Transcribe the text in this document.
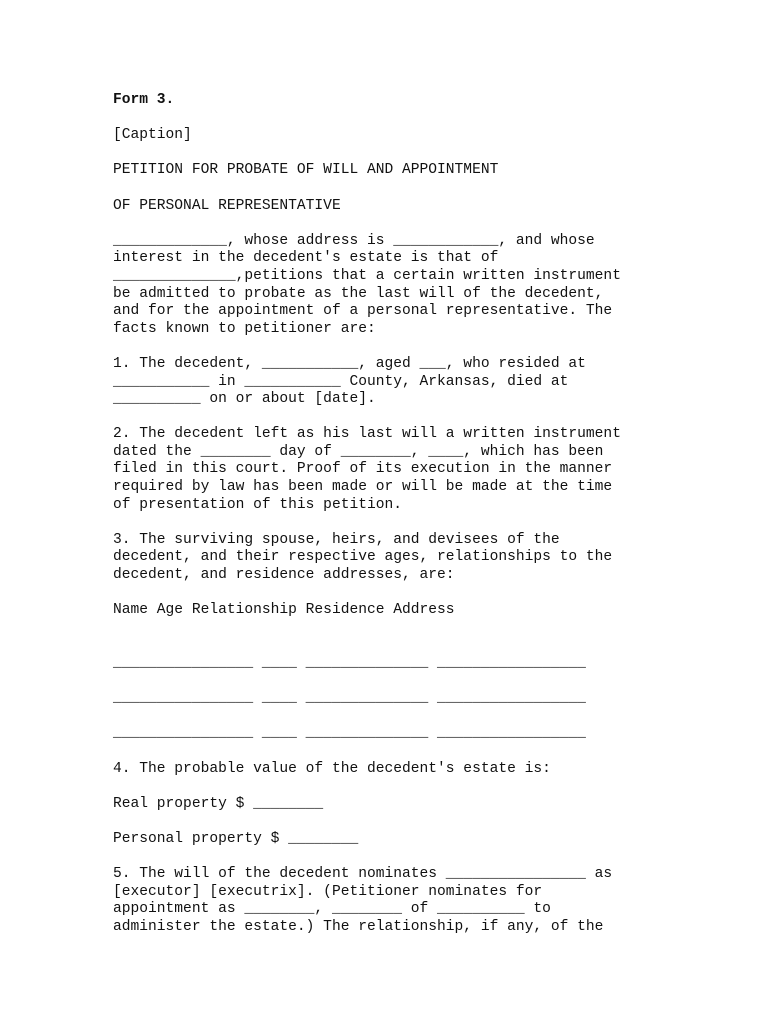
Form 3.
[Caption]
PETITION FOR PROBATE OF WILL AND APPOINTMENT
OF PERSONAL REPRESENTATIVE
_____________, whose address is ____________, and whose
interest in the decedent's estate is that of
______________,petitions that a certain written instrument
be admitted to probate as the last will of the decedent,
and for the appointment of a personal representative. The
facts known to petitioner are:
1. The decedent, ___________, aged ___, who resided at
___________ in ___________ County, Arkansas, died at
__________ on or about [date].
2. The decedent left as his last will a written instrument
dated the ________ day of ________, ____, which has been
filed in this court. Proof of its execution in the manner
required by law has been made or will be made at the time
of presentation of this petition.
3. The surviving spouse, heirs, and devisees of the
decedent, and their respective ages, relationships to the
decedent, and residence addresses, are:
Name Age Relationship Residence Address
________________ ____ ______________ _________________
________________ ____ ______________ _________________
________________ ____ ______________ _________________
4. The probable value of the decedent's estate is:
Real property $ ________
Personal property $ ________
5. The will of the decedent nominates ________________ as
[executor] [executrix]. (Petitioner nominates for
appointment as ________, ________ of __________ to
administer the estate.) The relationship, if any, of the
